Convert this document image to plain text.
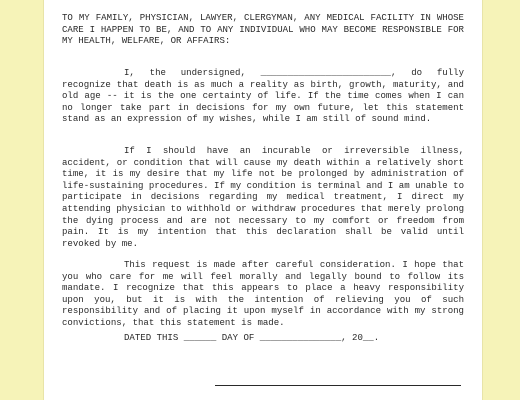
TO MY FAMILY, PHYSICIAN, LAWYER, CLERGYMAN, ANY MEDICAL FACILITY IN WHOSE CARE I HAPPEN TO BE, AND TO ANY INDIVIDUAL WHO MAY BECOME RESPONSIBLE FOR MY HEALTH, WELFARE, OR AFFAIRS:

I, the undersigned, ________________________, do fully recognize that death is as much a reality as birth, growth, maturity, and old age -- it is the one certainty of life. If the time comes when I can no longer take part in decisions for my own future, let this statement stand as an expression of my wishes, while I am still of sound mind.

If I should have an incurable or irreversible illness, accident, or condition that will cause my death within a relatively short time, it is my desire that my life not be prolonged by administration of life-sustaining procedures. If my condition is terminal and I am unable to participate in decisions regarding my medical treatment, I direct my attending physician to withhold or withdraw procedures that merely prolong the dying process and are not necessary to my comfort or freedom from pain. It is my intention that this declaration shall be valid until revoked by me.

This request is made after careful consideration. I hope that you who care for me will feel morally and legally bound to follow its mandate. I recognize that this appears to place a heavy responsibility upon you, but it is with the intention of relieving you of such responsibility and of placing it upon myself in accordance with my strong convictions, that this statement is made.

DATED THIS ______ DAY OF _______________, 20__.
